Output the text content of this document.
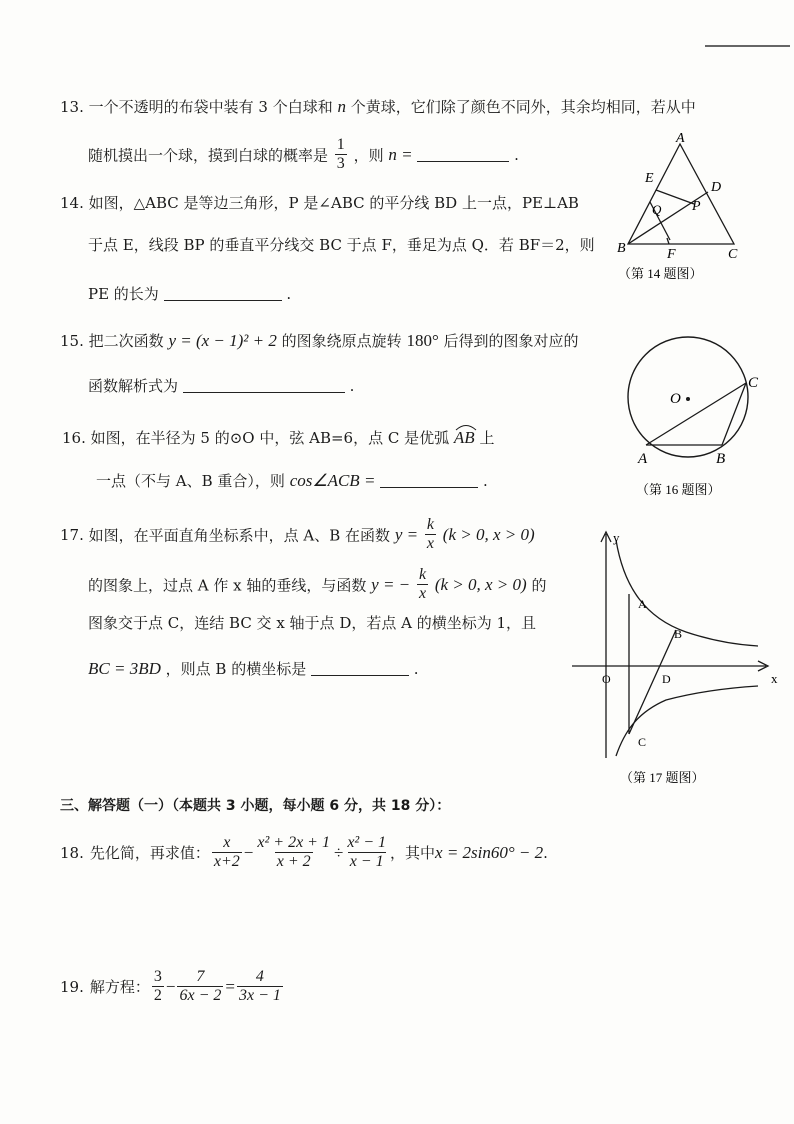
13. 一个不透明的布袋中装有 3 个白球和 n 个黄球，它们除了颜色不同外，其余均相同，若从中
随机摸出一个球，摸到白球的概率是 $\frac{1}{3}$ ，则 n =	.
14. 如图，△ABC 是等边三角形，P 是∠ABC 的平分线 BD 上一点，PE⊥AB
于点 E，线段 BP 的垂直平分线交 BC 于点 F，垂足为点 Q．若 BF＝2，则
PE 的长为	.
A
E
D
Q P
B	F	C
（第 14 题图）
15. 把二次函数 y = (x − 1)² + 2 的图象绕原点旋转 180° 后得到的图象对应的
函数解析式为	.
16. 如图，在半径为 5 的⊙O 中，弦 AB=6，点 C 是优弧 AB 上
一点（不与 A、B 重合），则 cos∠ACB =	.
O
C
A	B
（第 16 题图）
17. 如图，在平面直角坐标系中，点 A、B 在函数 $y = \frac{k}{x} (k > 0$, x > 0)
的图象上，过点 A 作 x 轴的垂线，与函数 y = − $\frac{k}{x} (k > 0$, x > 0) 的
图象交于点 C，连结 BC 交 x 轴于点 D，若点 A 的横坐标为 1，且
BC = 3BD ，则点 B 的横坐标是	.
y
x
O
A
B
D
C
（第 17 题图）
三、解答题（一）（本题共 3 小题，每小题 6 分，共 18 分）：
18. 先化简，再求值： $\frac{x}{x+2} - \frac{\text{x² + 2x + 1}}{x + 2} \div \frac{\text{x² − 1}}{x - 1}$ ，其中 x = 2sin60° − 2 .
19. 解方程： $\frac{3}{2} - \frac{7}{6x - 2} = \frac{4}{3x - 1}$
